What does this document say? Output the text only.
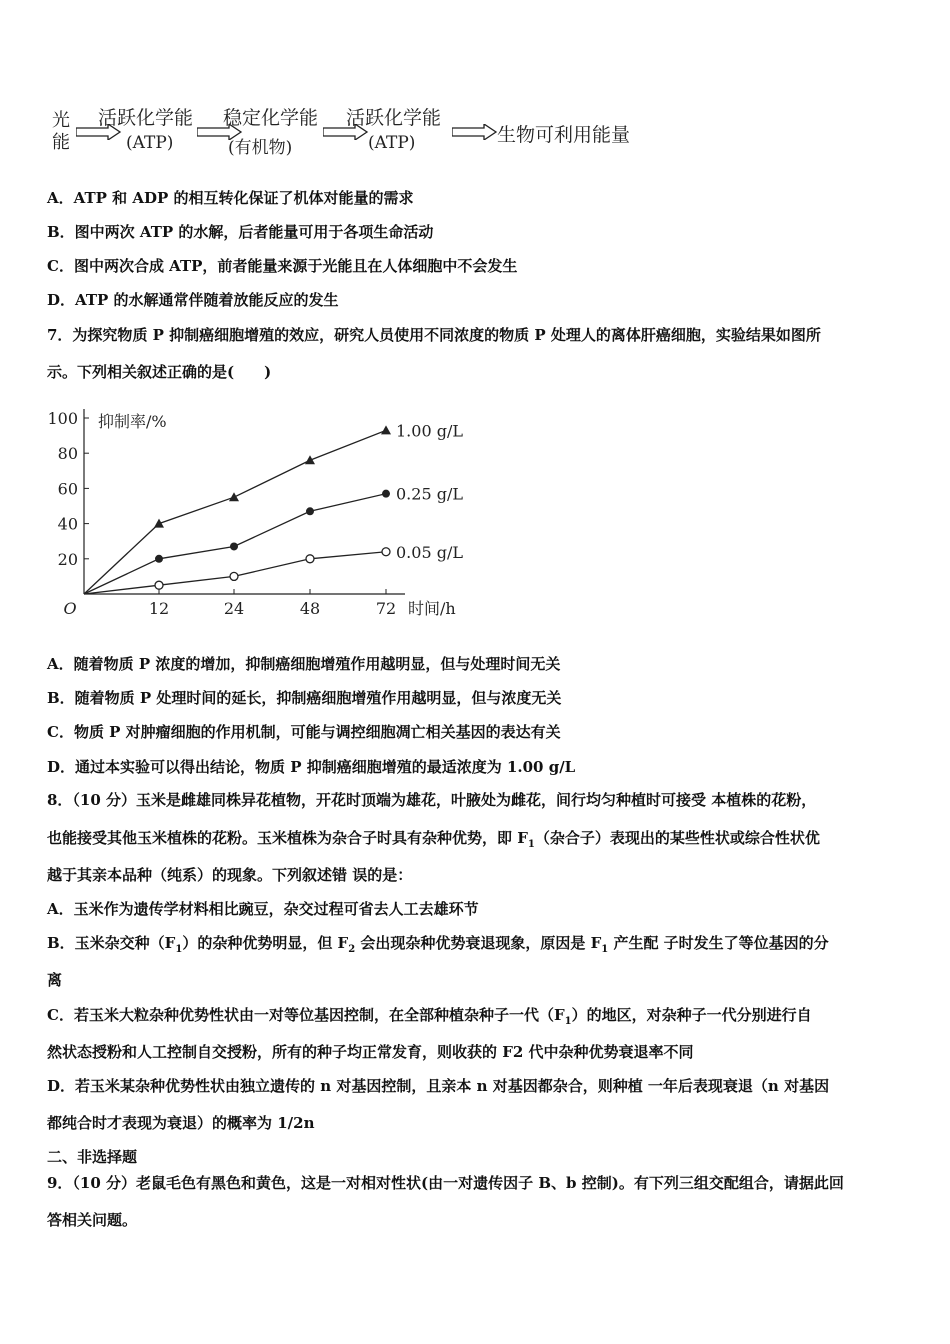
光
能
活跃化学能
(ATP)
稳定化学能
(有机物)
活跃化学能
(ATP)	生物可利用能量
A．ATP 和 ADP 的相互转化保证了机体对能量的需求
B．图中两次 ATP 的水解，后者能量可用于各项生命活动
C．图中两次合成 ATP，前者能量来源于光能且在人体细胞中不会发生
D．ATP 的水解通常伴随着放能反应的发生
7．为探究物质 P 抑制癌细胞增殖的效应，研究人员使用不同浓度的物质 P 处理人的离体肝癌细胞，实验结果如图所
示。下列相关叙述正确的是(　　)
20
40
60
80
100
12	24	48	72
O	时间/h
抑制率/%	1.00 g/L
0.25 g/L
0.05 g/L
A．随着物质 P 浓度的增加，抑制癌细胞增殖作用越明显，但与处理时间无关
B．随着物质 P 处理时间的延长，抑制癌细胞增殖作用越明显，但与浓度无关
C．物质 P 对肿瘤细胞的作用机制，可能与调控细胞凋亡相关基因的表达有关
D．通过本实验可以得出结论，物质 P 抑制癌细胞增殖的最适浓度为 1.00 g/L
8．（10 分）玉米是雌雄同株异花植物，开花时顶端为雄花，叶腋处为雌花，间行均匀种植时可接受 本植株的花粉，
也能接受其他玉米植株的花粉。玉米植株为杂合子时具有杂种优势，即 $F_1$（杂合子）表现出的某些性状或综合性状优
越于其亲本品种（纯系）的现象。下列叙述错 误的是：
A．玉米作为遗传学材料相比豌豆，杂交过程可省去人工去雄环节
B．玉米杂交种$(F_1)$的杂种优势明显，但 $F_2$ 会出现杂种优势衰退现象，原因是 $F_1$ 产生配 子时发生了等位基因的分
离
C．若玉米大粒杂种优势性状由一对等位基因控制，在全部种植杂种子一代$(F_1)$的地区，对杂种子一代分别进行自
然状态授粉和人工控制自交授粉，所有的种子均正常发育，则收获的 F2 代中杂种优势衰退率不同
D．若玉米某杂种优势性状由独立遗传的 n 对基因控制，且亲本 n 对基因都杂合，则种植 一年后表现衰退（n 对基因
都纯合时才表现为衰退）的概率为 1/2n
二、非选择题
9．（10 分）老鼠毛色有黑色和黄色，这是一对相对性状(由一对遗传因子 B、b 控制)。有下列三组交配组合，请据此回
答相关问题。
